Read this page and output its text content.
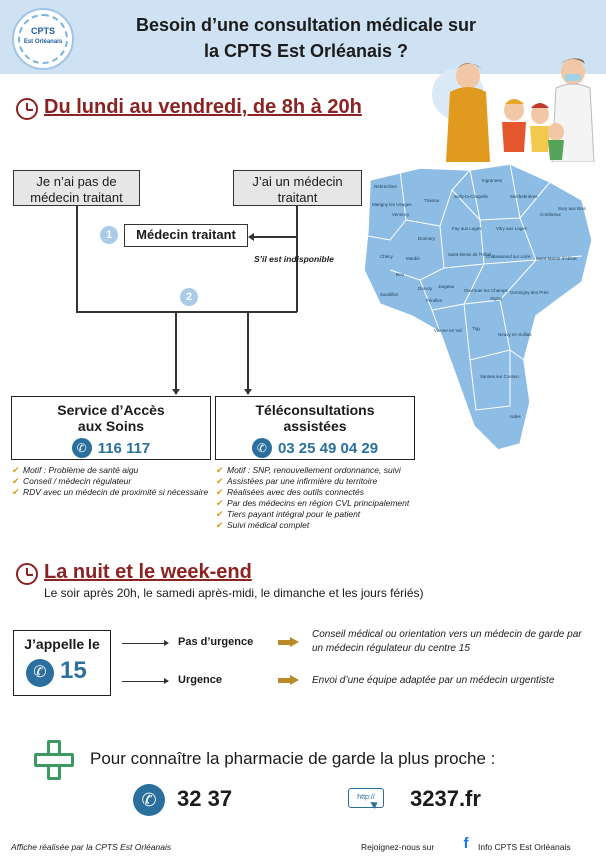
CPTS
Est Orléanais
Besoin d’une consultation médicale sur
la CPTS Est Orléanais ?
Du lundi au vendredi, de 8h à 20h
Je n’ai pas de médecin traitant
J’ai un médecin traitant
1	Médecin traitant
S’il est indisponible
2
Service d’Accès
aux Soins
✆ 116 117
Téléconsultations
assistées
✆ 03 25 49 04 29
✔ Motif : Problème de santé aigu
✔ Conseil / médecin régulateur
✔ RDV avec un médecin de proximité si nécessaire
✔ Motif : SNP, renouvellement ordonnance, suivi
✔ Assistées par une infirmière du territoire
✔ Réalisées avec des outils connectés
✔ Par des médecins en région CVL principalement
✔ Tiers payant intégral pour le patient
✔ Suivi médical complet
Rebréchien
Trainou
Sully-la-Chapelle
Ingrannes
Seichebrières
Sury aux Bois
Marigny les Usages
Vennecy
Donnery
Fay aux Loges	Vitry aux Loges
Combreux
Chécy	Mardié
Saint-Denis de l'Hôtel
Châteauneuf sur Loire Saint-Martin d'Abbat
Germigny des Prés
Bou
Jargeau
Darvoy	Ouvrouer les Champs
Sigloy
Sandillon
Férolles
Vienne en Val Tigy
Neuvy en Sullias
Vannes sur Cosson
Isdes
La nuit et le week-end
Le soir après 20h, le samedi après-midi, le dimanche et les jours fériés)
J’appelle le
✆ 15
Pas d’urgence
Conseil médical ou orientation vers un médecin de garde par un médecin régulateur du centre 15
Urgence	Envoi d’une équipe adaptée par un médecin urgentiste
Pour connaître la pharmacie de garde la plus proche :
✆ 32 37	http://	3237.fr
Affiche réalisée par la CPTS Est Orléanais	Rejoignez-nous sur	f	Info CPTS Est Orléanais
